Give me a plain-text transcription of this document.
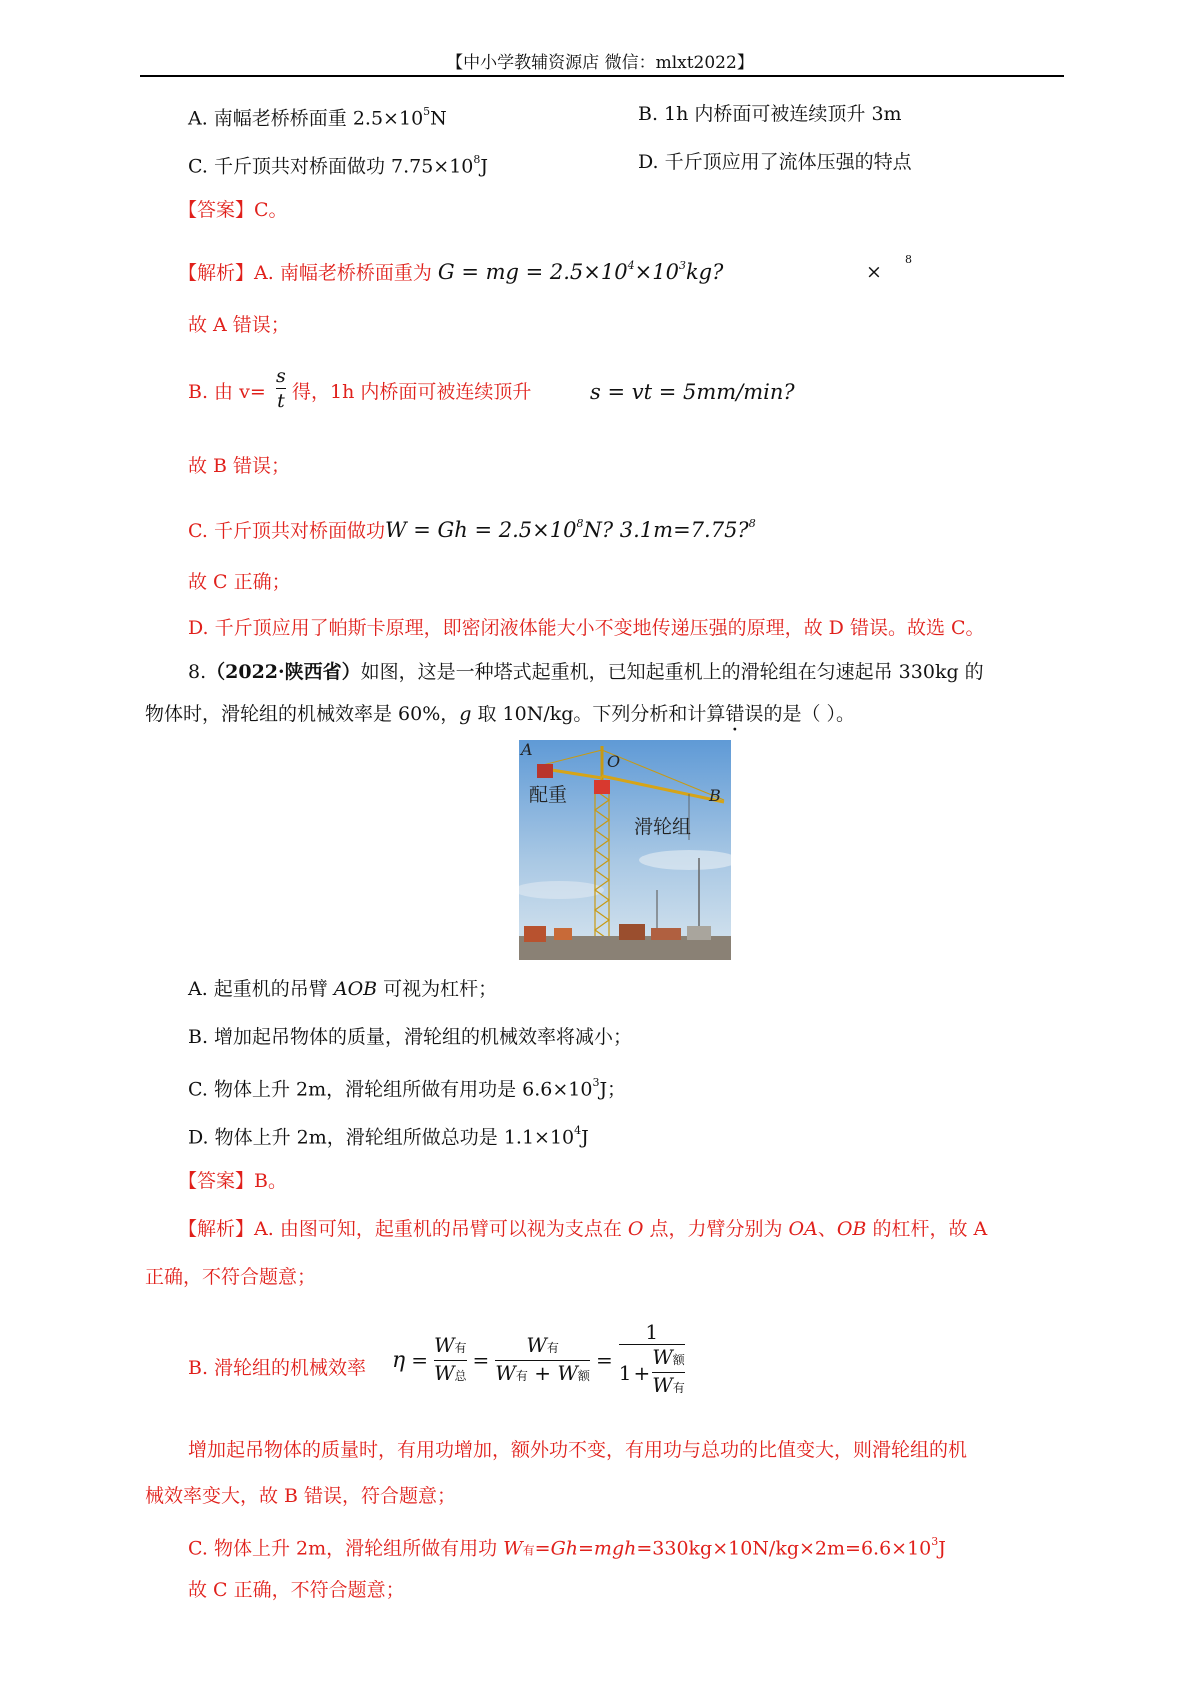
【中小学教辅资源店 微信：mlxt2022】
A. 南幅老桥桥面重 $2.5\times 10^5N$	B. 1h 内桥面可被连续顶升 3m
C. 千斤顶共对桥面做功 $7.75\times 10^8J$	D. 千斤顶应用了流体压强的特点
【答案】C。
【解析】A. 南幅老桥桥面重为 G = mg = $2.5\times 10^4\times 10^3kg$?	×
8
故 A 错误；
B. 由 v=
s
t 得，1h 内桥面可被连续顶升	s = vt = 5mm/min?
故 B 错误；
C. 千斤顶共对桥面做功$W = Gh = 2.5\times 10^8N$? 3.1m=7.75?$^8$
故 C 正确；
D. 千斤顶应用了帕斯卡原理，即密闭液体能大小不变地传递压强的原理，故 D 错误。故选 C。
8.（2022·陕西省）如图，这是一种塔式起重机，已知起重机上的滑轮组在匀速起吊 330kg 的
物体时，滑轮组的机械效率是 60%，g 取 10N/kg。下列分析和计算错误的是（ ）。
A
O
B
配重
滑轮组
A. 起重机的吊臂 AOB 可视为杠杆；
B. 增加起吊物体的质量，滑轮组的机械效率将减小；
C. 物体上升 2m，滑轮组所做有用功是 $6.6\times 10^3J$；
D. 物体上升 2m，滑轮组所做总功是 $1.1\times 10^4J$
【答案】B。
【解析】A. 由图可知，起重机的吊臂可以视为支点在 O 点，力臂分别为 OA、OB 的杠杆，故 A
正确，不符合题意；
B. 滑轮组的机械效率 $\eta = \frac{\text{W有}}{\text{W总}} = \frac{\text{W有}}{\text{W有 + W额}} = \frac{1}{1 + \frac{\text{W额}}{\text{W有}}}$
增加起吊物体的质量时，有用功增加，额外功不变，有用功与总功的比值变大，则滑轮组的机
械效率变大，故 B 错误，符合题意；
C. 物体上升 2m，滑轮组所做有用功 W有$=Gh=mgh=330kg\times 10N/kg\times 2m=6.6\times 10^3J$
故 C 正确，不符合题意；
